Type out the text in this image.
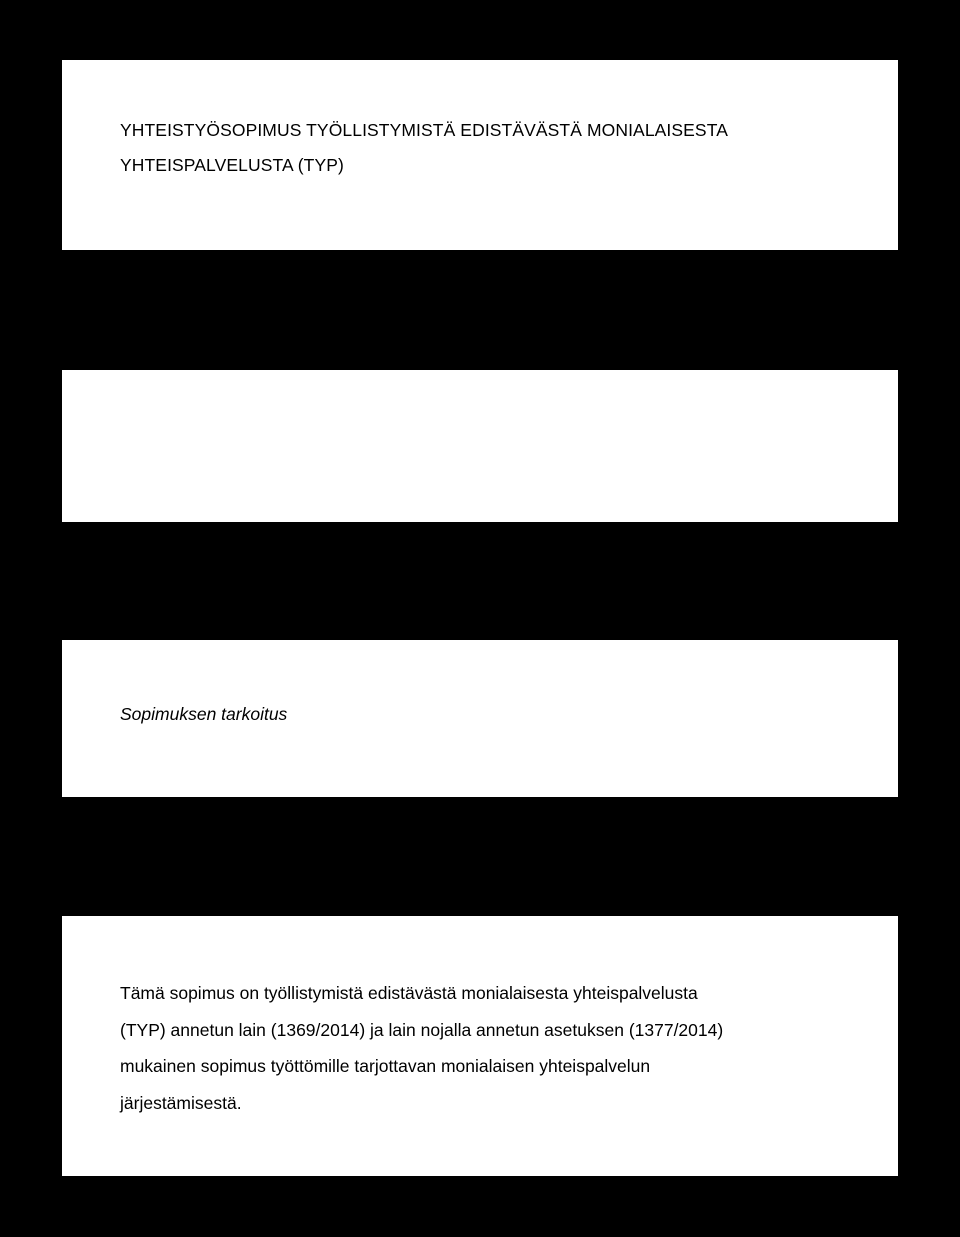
YHTEISTYÖSOPIMUS TYÖLLISTYMISTÄ EDISTÄVÄSTÄ MONIALAISESTA
YHTEISPALVELUSTA (TYP)
Sopimuksen tarkoitus

Tämä sopimus on työllistymistä edistävästä monialaisesta yhteispalvelusta
(TYP) annetun lain (1369/2014) ja lain nojalla annetun asetuksen (1377/2014)
mukainen sopimus työttömille tarjottavan monialaisen yhteispalvelun
järjestämisestä.
